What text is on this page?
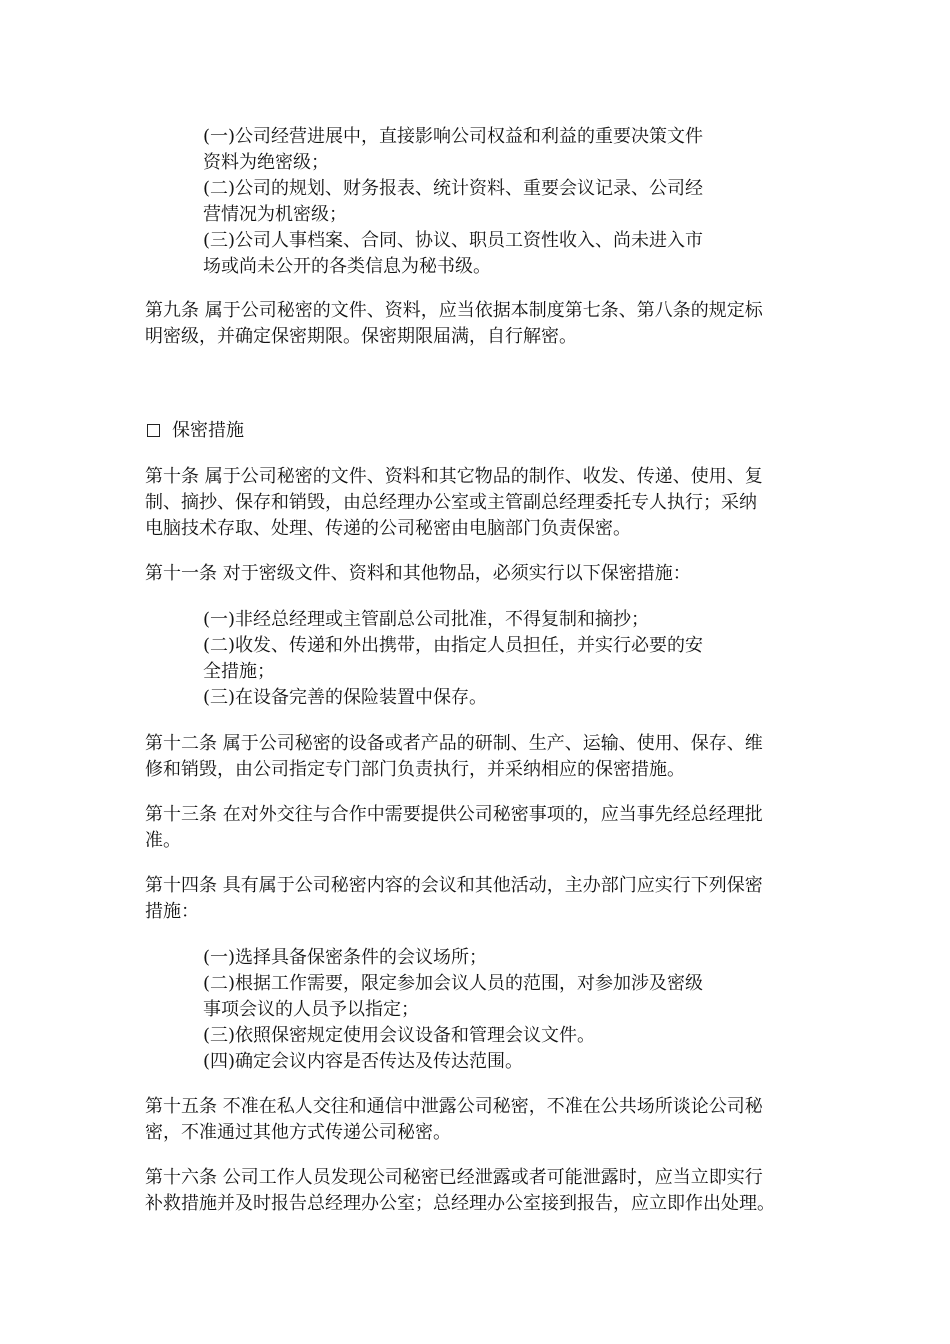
(一)公司经营进展中，直接影响公司权益和利益的重要决策文件
资料为绝密级；
(二)公司的规划、财务报表、统计资料、重要会议记录、公司经
营情况为机密级；
(三)公司人事档案、合同、协议、职员工资性收入、尚未进入市
场或尚未公开的各类信息为秘书级。
第九条 属于公司秘密的文件、资料，应当依据本制度第七条、第八条的规定标
明密级，并确定保密期限。保密期限届满，自行解密。
保密措施
第十条 属于公司秘密的文件、资料和其它物品的制作、收发、传递、使用、复
制、摘抄、保存和销毁，由总经理办公室或主管副总经理委托专人执行；采纳
电脑技术存取、处理、传递的公司秘密由电脑部门负责保密。
第十一条 对于密级文件、资料和其他物品，必须实行以下保密措施：
(一)非经总经理或主管副总公司批准，不得复制和摘抄；
(二)收发、传递和外出携带，由指定人员担任，并实行必要的安
全措施；
(三)在设备完善的保险装置中保存。
第十二条 属于公司秘密的设备或者产品的研制、生产、运输、使用、保存、维
修和销毁，由公司指定专门部门负责执行，并采纳相应的保密措施。
第十三条 在对外交往与合作中需要提供公司秘密事项的，应当事先经总经理批
准。
第十四条 具有属于公司秘密内容的会议和其他活动，主办部门应实行下列保密
措施：
(一)选择具备保密条件的会议场所；
(二)根据工作需要，限定参加会议人员的范围，对参加涉及密级
事项会议的人员予以指定；
(三)依照保密规定使用会议设备和管理会议文件。
(四)确定会议内容是否传达及传达范围。
第十五条 不准在私人交往和通信中泄露公司秘密，不准在公共场所谈论公司秘
密，不准通过其他方式传递公司秘密。
第十六条 公司工作人员发现公司秘密已经泄露或者可能泄露时，应当立即实行
补救措施并及时报告总经理办公室；总经理办公室接到报告，应立即作出处理。
